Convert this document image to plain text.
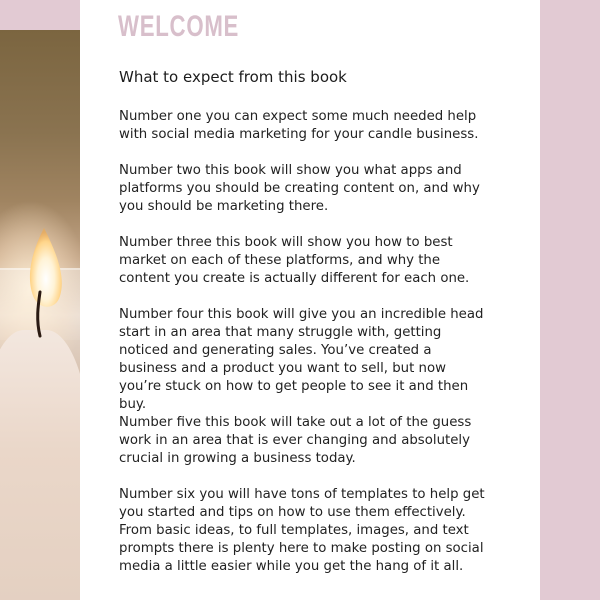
WELCOME
What to expect from this book

Number one you can expect some much needed help with social media marketing for your candle business.

Number two this book will show you what apps and platforms you should be creating content on, and why you should be marketing there.

Number three this book will show you how to best market on each of these platforms, and why the content you create is actually different for each one.

Number four this book will give you an incredible head start in an area that many struggle with, getting noticed and generating sales. You’ve created a business and a product you want to sell, but now you’re stuck on how to get people to see it and then buy.

Number five this book will take out a lot of the guess work in an area that is ever changing and absolutely crucial in growing a business today.

Number six you will have tons of templates to help get you started and tips on how to use them effectively. From basic ideas, to full templates, images, and text prompts there is plenty here to make posting on social media a little easier while you get the hang of it all.
